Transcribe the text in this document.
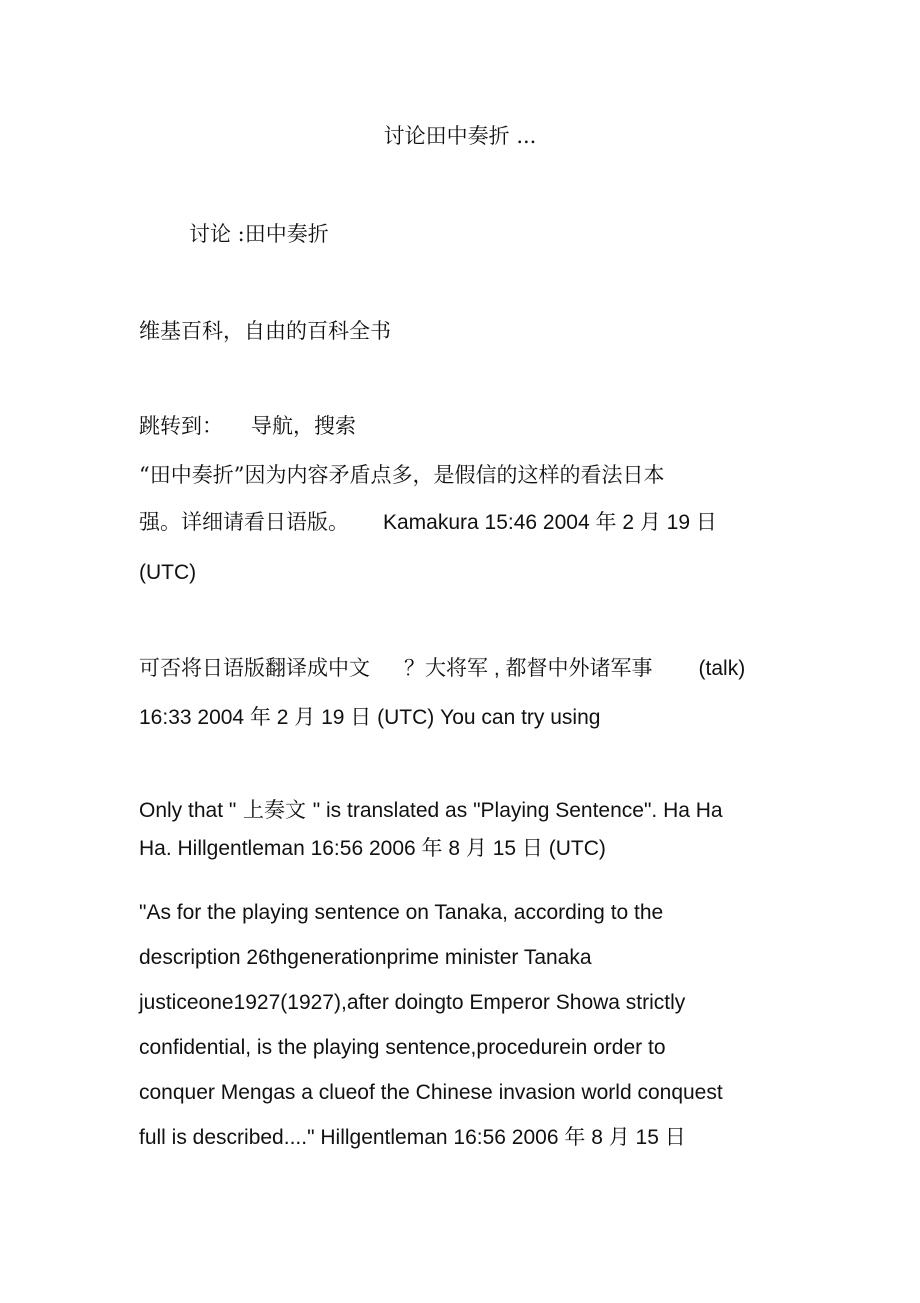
讨论田中奏折 ...
讨论 :田中奏折
维基百科，自由的百科全书
跳转到： 导航，搜索
“田中奏折”因为内容矛盾点多，是假信的这样的看法日本
强。详细请看日语版。 Kamakura 15:46 2004 年 2 月 19 日
(UTC)
可否将日语版翻译成中文 ？大将军 , 都督中外诸军事 (talk)
16:33 2004 年 2 月 19 日 (UTC) You can try using
Only that " 上奏文 " is translated as "Playing Sentence". Ha Ha
Ha. Hillgentleman 16:56 2006 年 8 月 15 日 (UTC)
"As for the playing sentence on Tanaka, according to the
description 26thgenerationprime minister Tanaka
justiceone1927(1927),after doingto Emperor Showa strictly
confidential, is the playing sentence,procedurein order to
conquer Mengas a clueof the Chinese invasion world conquest
full is described...." Hillgentleman 16:56 2006 年 8 月 15 日
